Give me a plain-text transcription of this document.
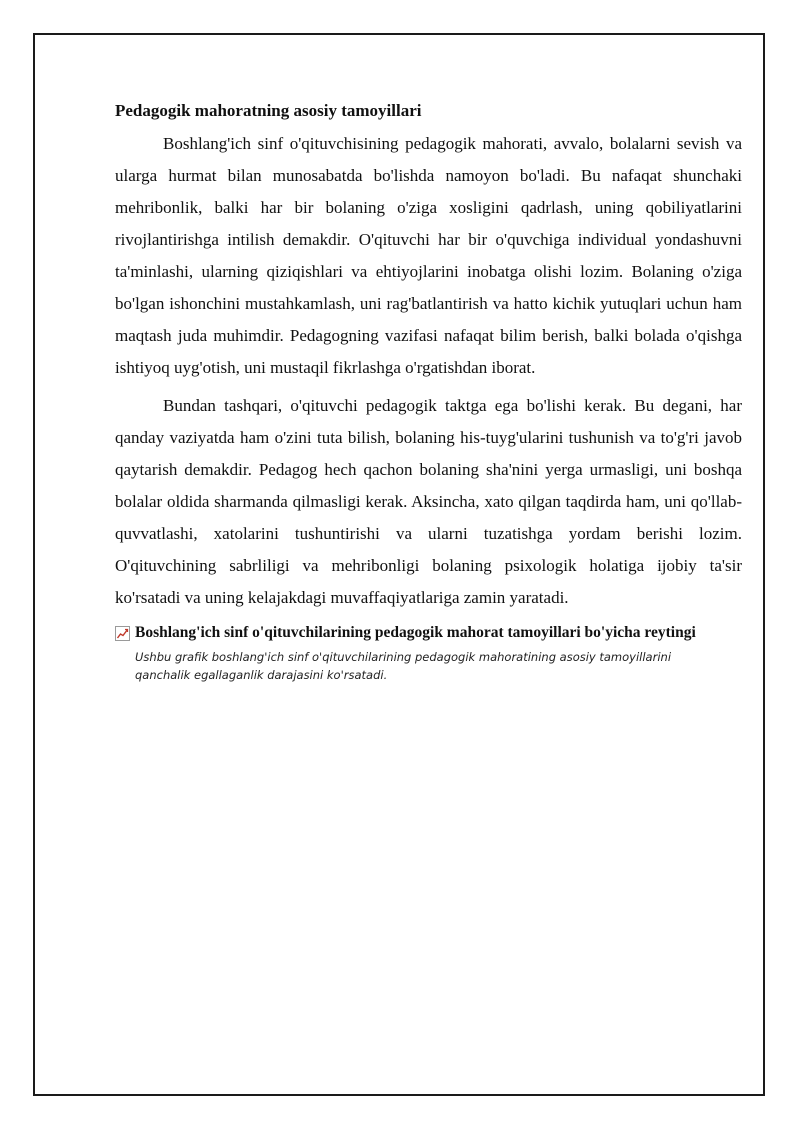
Pedagogik mahoratning asosiy tamoyillari

Boshlang'ich sinf o'qituvchisining pedagogik mahorati, avvalo, bolalarni sevish va ularga hurmat bilan munosabatda bo'lishda namoyon bo'ladi. Bu nafaqat shunchaki mehribonlik, balki har bir bolaning o'ziga xosligini qadrlash, uning qobiliyatlarini rivojlantirishga intilish demakdir. O'qituvchi har bir o'quvchiga individual yondashuvni ta'minlashi, ularning qiziqishlari va ehtiyojlarini inobatga olishi lozim. Bolaning o'ziga bo'lgan ishonchini mustahkamlash, uni rag'batlantirish va hatto kichik yutuqlari uchun ham maqtash juda muhimdir. Pedagogning vazifasi nafaqat bilim berish, balki bolada o'qishga ishtiyoq uyg'otish, uni mustaqil fikrlashga o'rgatishdan iborat.

Bundan tashqari, o'qituvchi pedagogik taktga ega bo'lishi kerak. Bu degani, har qanday vaziyatda ham o'zini tuta bilish, bolaning his-tuyg'ularini tushunish va to'g'ri javob qaytarish demakdir. Pedagog hech qachon bolaning sha'nini yerga urmasligi, uni boshqa bolalar oldida sharmanda qilmasligi kerak. Aksincha, xato qilgan taqdirda ham, uni qo'llab-quvvatlashi, xatolarini tushuntirishi va ularni tuzatishga yordam berishi lozim. O'qituvchining sabrliligi va mehribonligi bolaning psixologik holatiga ijobiy ta'sir ko'rsatadi va uning kelajakdagi muvaffaqiyatlariga zamin yaratadi.

Boshlang'ich sinf o'qituvchilarining pedagogik mahorat tamoyillari bo'yicha reytingi
Ushbu grafik boshlang'ich sinf o'qituvchilarining pedagogik mahoratining asosiy tamoyillarini qanchalik egallaganlik darajasini ko'rsatadi.
